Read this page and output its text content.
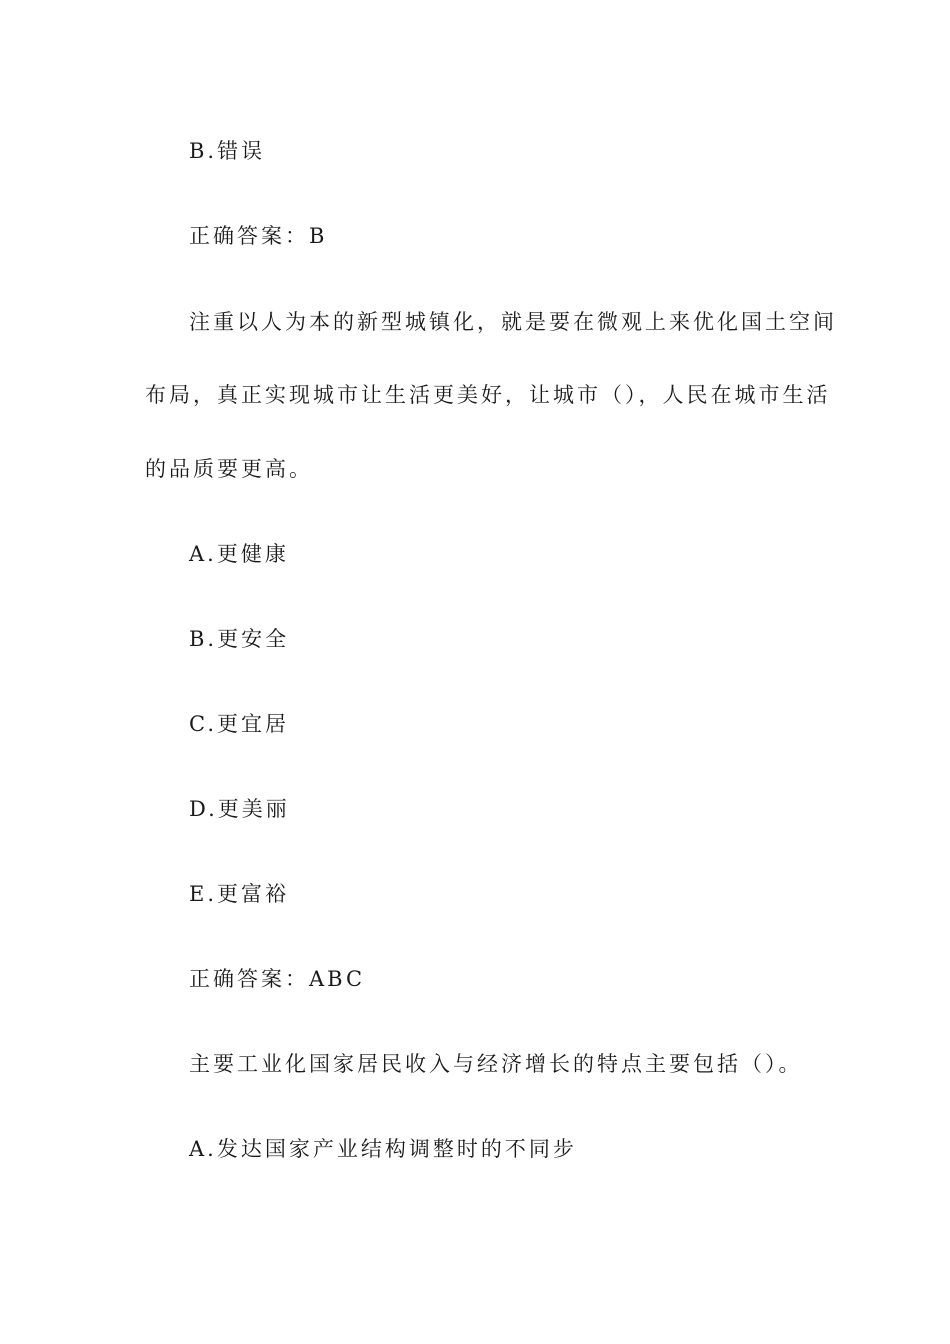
B.错误
正确答案：B
注重以人为本的新型城镇化，就是要在微观上来优化国土空间
布局，真正实现城市让生活更美好，让城市（），人民在城市生活
的品质要更高。
A.更健康
B.更安全
C.更宜居
D.更美丽
E.更富裕
正确答案：ABC
主要工业化国家居民收入与经济增长的特点主要包括（）。
A.发达国家产业结构调整时的不同步
